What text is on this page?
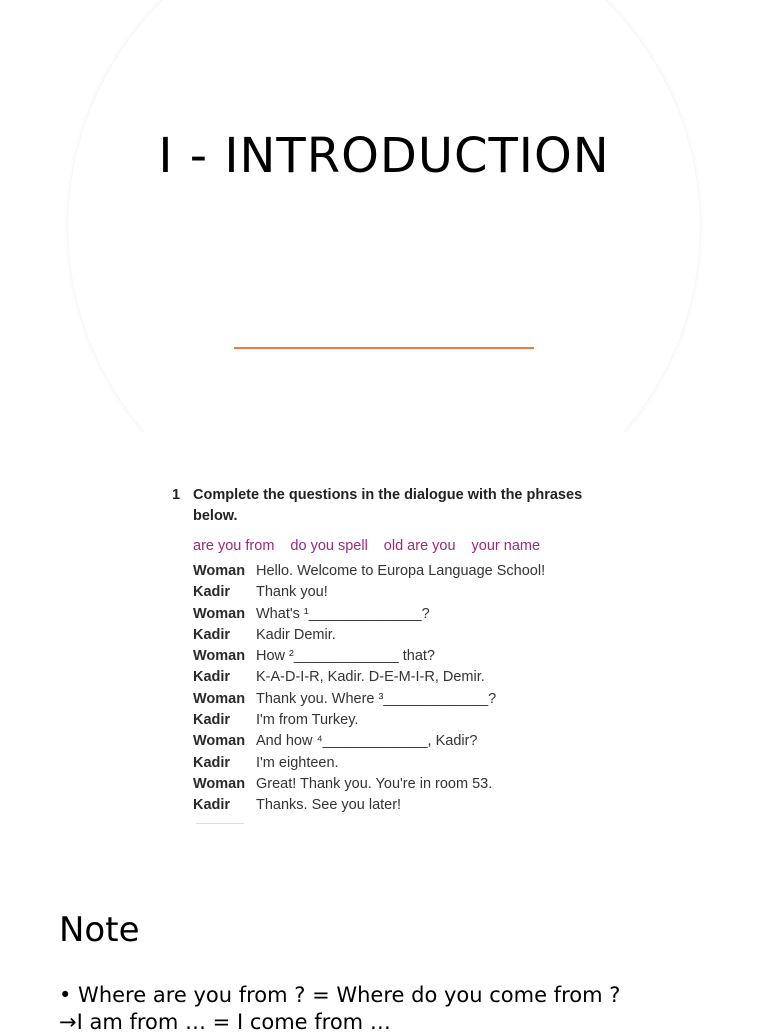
I - INTRODUCTION
1 Complete the questions in the dialogue with the phrases below.
are you from do you spell old are you your name
Woman Hello. Welcome to Europa Language School!
Kadir	Thank you!
Woman What's ¹______________?
Kadir	Kadir Demir.
Woman How ²_____________ that?
Kadir	K-A-D-I-R, Kadir. D-E-M-I-R, Demir.
Woman Thank you. Where ³_____________?
Kadir	I'm from Turkey.
Woman And how ⁴_____________, Kadir?
Kadir	I'm eighteen.
Woman Great! Thank you. You're in room 53.
Kadir	Thanks. See you later!
Note
• Where are you from ? = Where do you come from ?
→I am from … = I come from …
